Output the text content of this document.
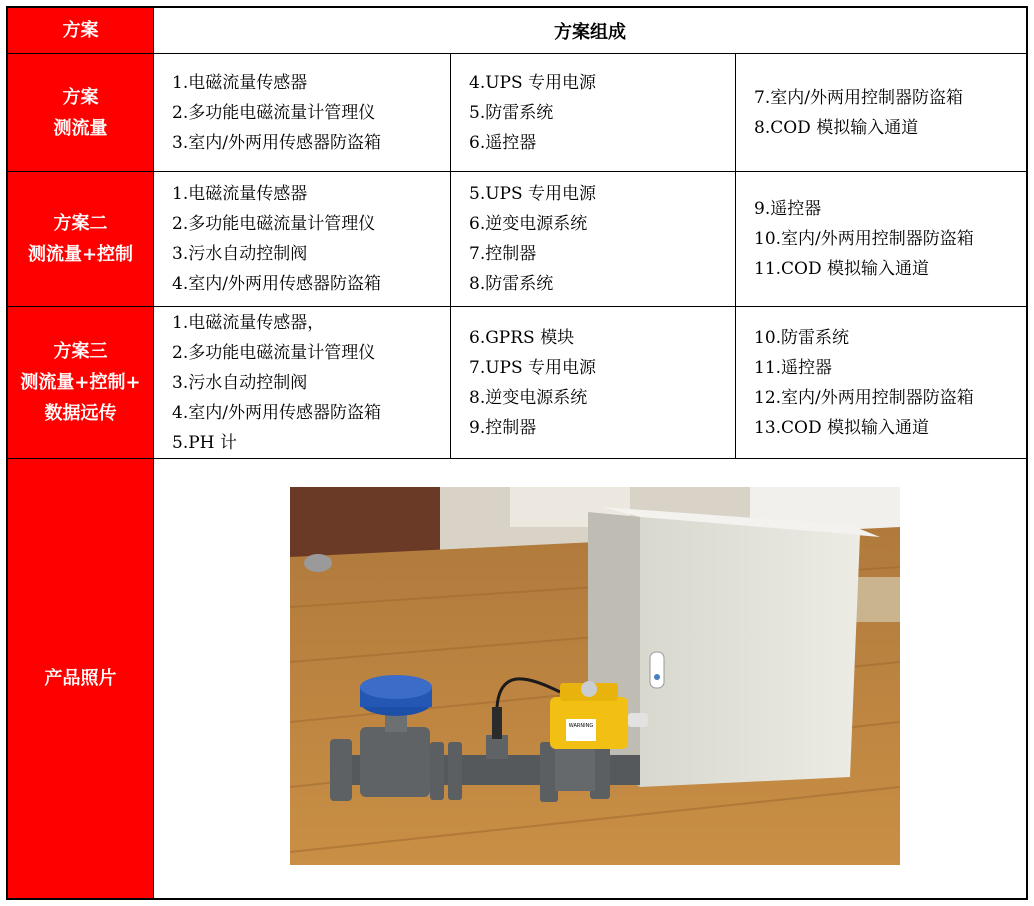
方案	方案组成
方案
测流量
1.电磁流量传感器
2.多功能电磁流量计管理仪
3.室内/外两用传感器防盗箱
4.UPS 专用电源
5.防雷系统
6.遥控器
7.室内/外两用控制器防盗箱
8.COD 模拟输入通道
方案二
测流量+控制
1.电磁流量传感器
2.多功能电磁流量计管理仪
3.污水自动控制阀
4.室内/外两用传感器防盗箱
5.UPS 专用电源
6.逆变电源系统
7.控制器
8.防雷系统
9.遥控器
10.室内/外两用控制器防盗箱
11.COD 模拟输入通道
方案三
测流量+控制+
数据远传
1.电磁流量传感器，
2.多功能电磁流量计管理仪
3.污水自动控制阀
4.室内/外两用传感器防盗箱
5.PH 计
6.GPRS 模块
7.UPS 专用电源
8.逆变电源系统
9.控制器
10.防雷系统
11.遥控器
12.室内/外两用控制器防盗箱
13.COD 模拟输入通道
产品照片
WARNING
